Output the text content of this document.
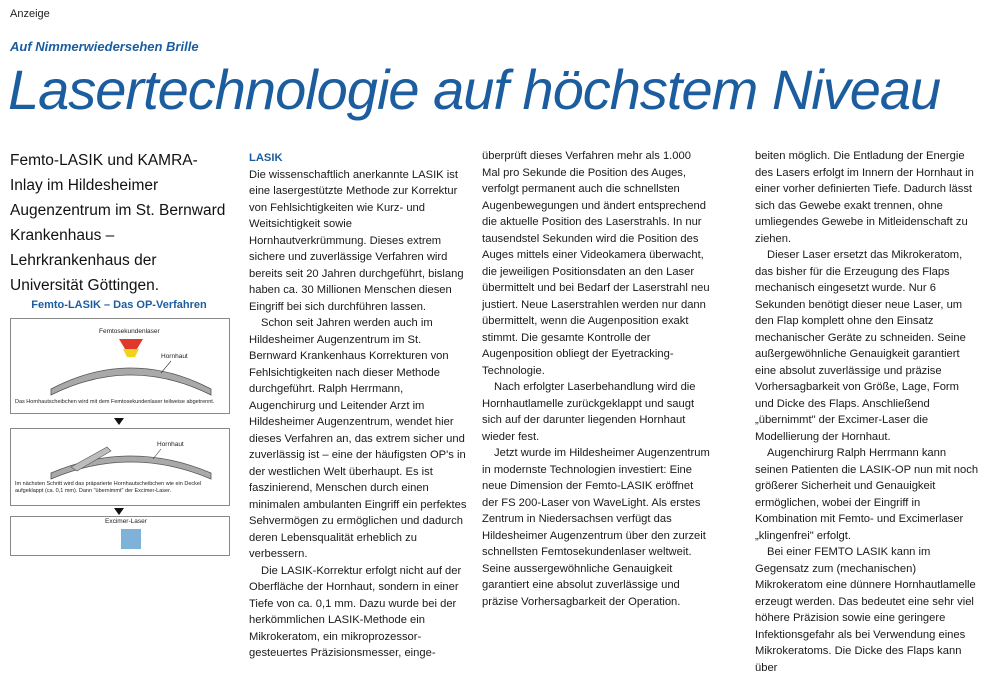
Anzeige
Auf Nimmerwiedersehen Brille
Lasertechnologie auf höchstem Niveau
Femto-LASIK und KAMRA-Inlay im Hildesheimer Augenzentrum im St. Bernward Krankenhaus – Lehrkrankenhaus der Universität Göttingen.
Femto-LASIK – Das OP-Verfahren
Femtosekundenlaser
Hornhaut
Das Hornhautscheibchen wird mit dem Femtosekundenlaser teilweise abgetrennt.
Hornhaut
Im nächsten Schritt wird das präparierte Hornhautscheibchen wie ein Deckel aufgeklappt (ca. 0,1 mm). Dann "übernimmt" der Excimer-Laser.
Excimer-Laser
LASIK

Die wissenschaftlich anerkannte LASIK ist eine lasergestützte Methode zur Korrektur von Fehlsichtigkeiten wie Kurz- und Weitsichtigkeit sowie Hornhautverkrümmung. Dieses extrem sichere und zuverlässige Verfahren wird bereits seit 20 Jahren durchgeführt, bislang haben ca. 30 Millionen Menschen diesen Eingriff bei sich durchführen lassen.

Schon seit Jahren werden auch im Hildesheimer Augenzentrum im St. Bernward Krankenhaus Korrekturen von Fehlsichtigkeiten nach dieser Methode durchgeführt. Ralph Herrmann, Augenchirurg und Leitender Arzt im Hildesheimer Augenzentrum, wendet hier dieses Verfahren an, das extrem sicher und zuverlässig ist – eine der häufigsten OP's in der westlichen Welt überhaupt. Es ist faszinierend, Menschen durch einen minimalen ambulanten Eingriff ein perfektes Sehvermögen zu ermöglichen und dadurch deren Lebensqualität erheblich zu verbessern.

Die LASIK-Korrektur erfolgt nicht auf der Oberfläche der Hornhaut, sondern in einer Tiefe von ca. 0,1 mm. Dazu wurde bei der herkömmlichen LASIK-Methode ein Mikrokeratom, ein mikroprozessor-gesteuertes Präzisionsmesser, einge-

überprüft dieses Verfahren mehr als 1.000 Mal pro Sekunde die Position des Auges, verfolgt permanent auch die schnellsten Augenbewegungen und ändert entsprechend die aktuelle Position des Laserstrahls. In nur tausendstel Sekunden wird die Position des Auges mittels einer Videokamera überwacht, die jeweiligen Positionsdaten an den Laser übermittelt und bei Bedarf der Laserstrahl neu justiert. Neue Laserstrahlen werden nur dann übermittelt, wenn die Augenposition exakt stimmt. Die gesamte Kontrolle der Augenposition obliegt der Eyetracking-Technologie.

Nach erfolgter Laserbehandlung wird die Hornhautlamelle zurückgeklappt und saugt sich auf der darunter liegenden Hornhaut wieder fest.

Jetzt wurde im Hildesheimer Augenzentrum in modernste Technologien investiert: Eine neue Dimension der Femto-LASIK eröffnet der FS 200-Laser von WaveLight. Als erstes Zentrum in Niedersachsen verfügt das Hildesheimer Augenzentrum über den zurzeit schnellsten Femtosekundenlaser weltweit. Seine aussergewöhnliche Genauigkeit garantiert eine absolut zuverlässige und präzise Vorhersagbarkeit der Operation.

beiten möglich. Die Entladung der Energie des Lasers erfolgt im Innern der Hornhaut in einer vorher definierten Tiefe. Dadurch lässt sich das Gewebe exakt trennen, ohne umliegendes Gewebe in Mitleidenschaft zu ziehen.

Dieser Laser ersetzt das Mikrokeratom, das bisher für die Erzeugung des Flaps mechanisch eingesetzt wurde. Nur 6 Sekunden benötigt dieser neue Laser, um den Flap komplett ohne den Einsatz mechanischer Geräte zu schneiden. Seine außergewöhnliche Genauigkeit garantiert eine absolut zuverlässige und präzise Vorhersagbarkeit von Größe, Lage, Form und Dicke des Flaps. Anschließend „übernimmt" der Excimer-Laser die Modellierung der Hornhaut.

Augenchirurg Ralph Herrmann kann seinen Patienten die LASIK-OP nun mit noch größerer Sicherheit und Genauigkeit ermöglichen, wobei der Eingriff in Kombination mit Femto- und Excimerlaser „klingenfrei" erfolgt.

Bei einer FEMTO LASIK kann im Gegensatz zum (mechanischen) Mikrokeratom eine dünnere Hornhautlamelle erzeugt werden. Das bedeutet eine sehr viel höhere Präzision sowie eine geringere Infektionsgefahr als bei Verwendung eines Mikrokeratoms. Die Dicke des Flaps kann über
